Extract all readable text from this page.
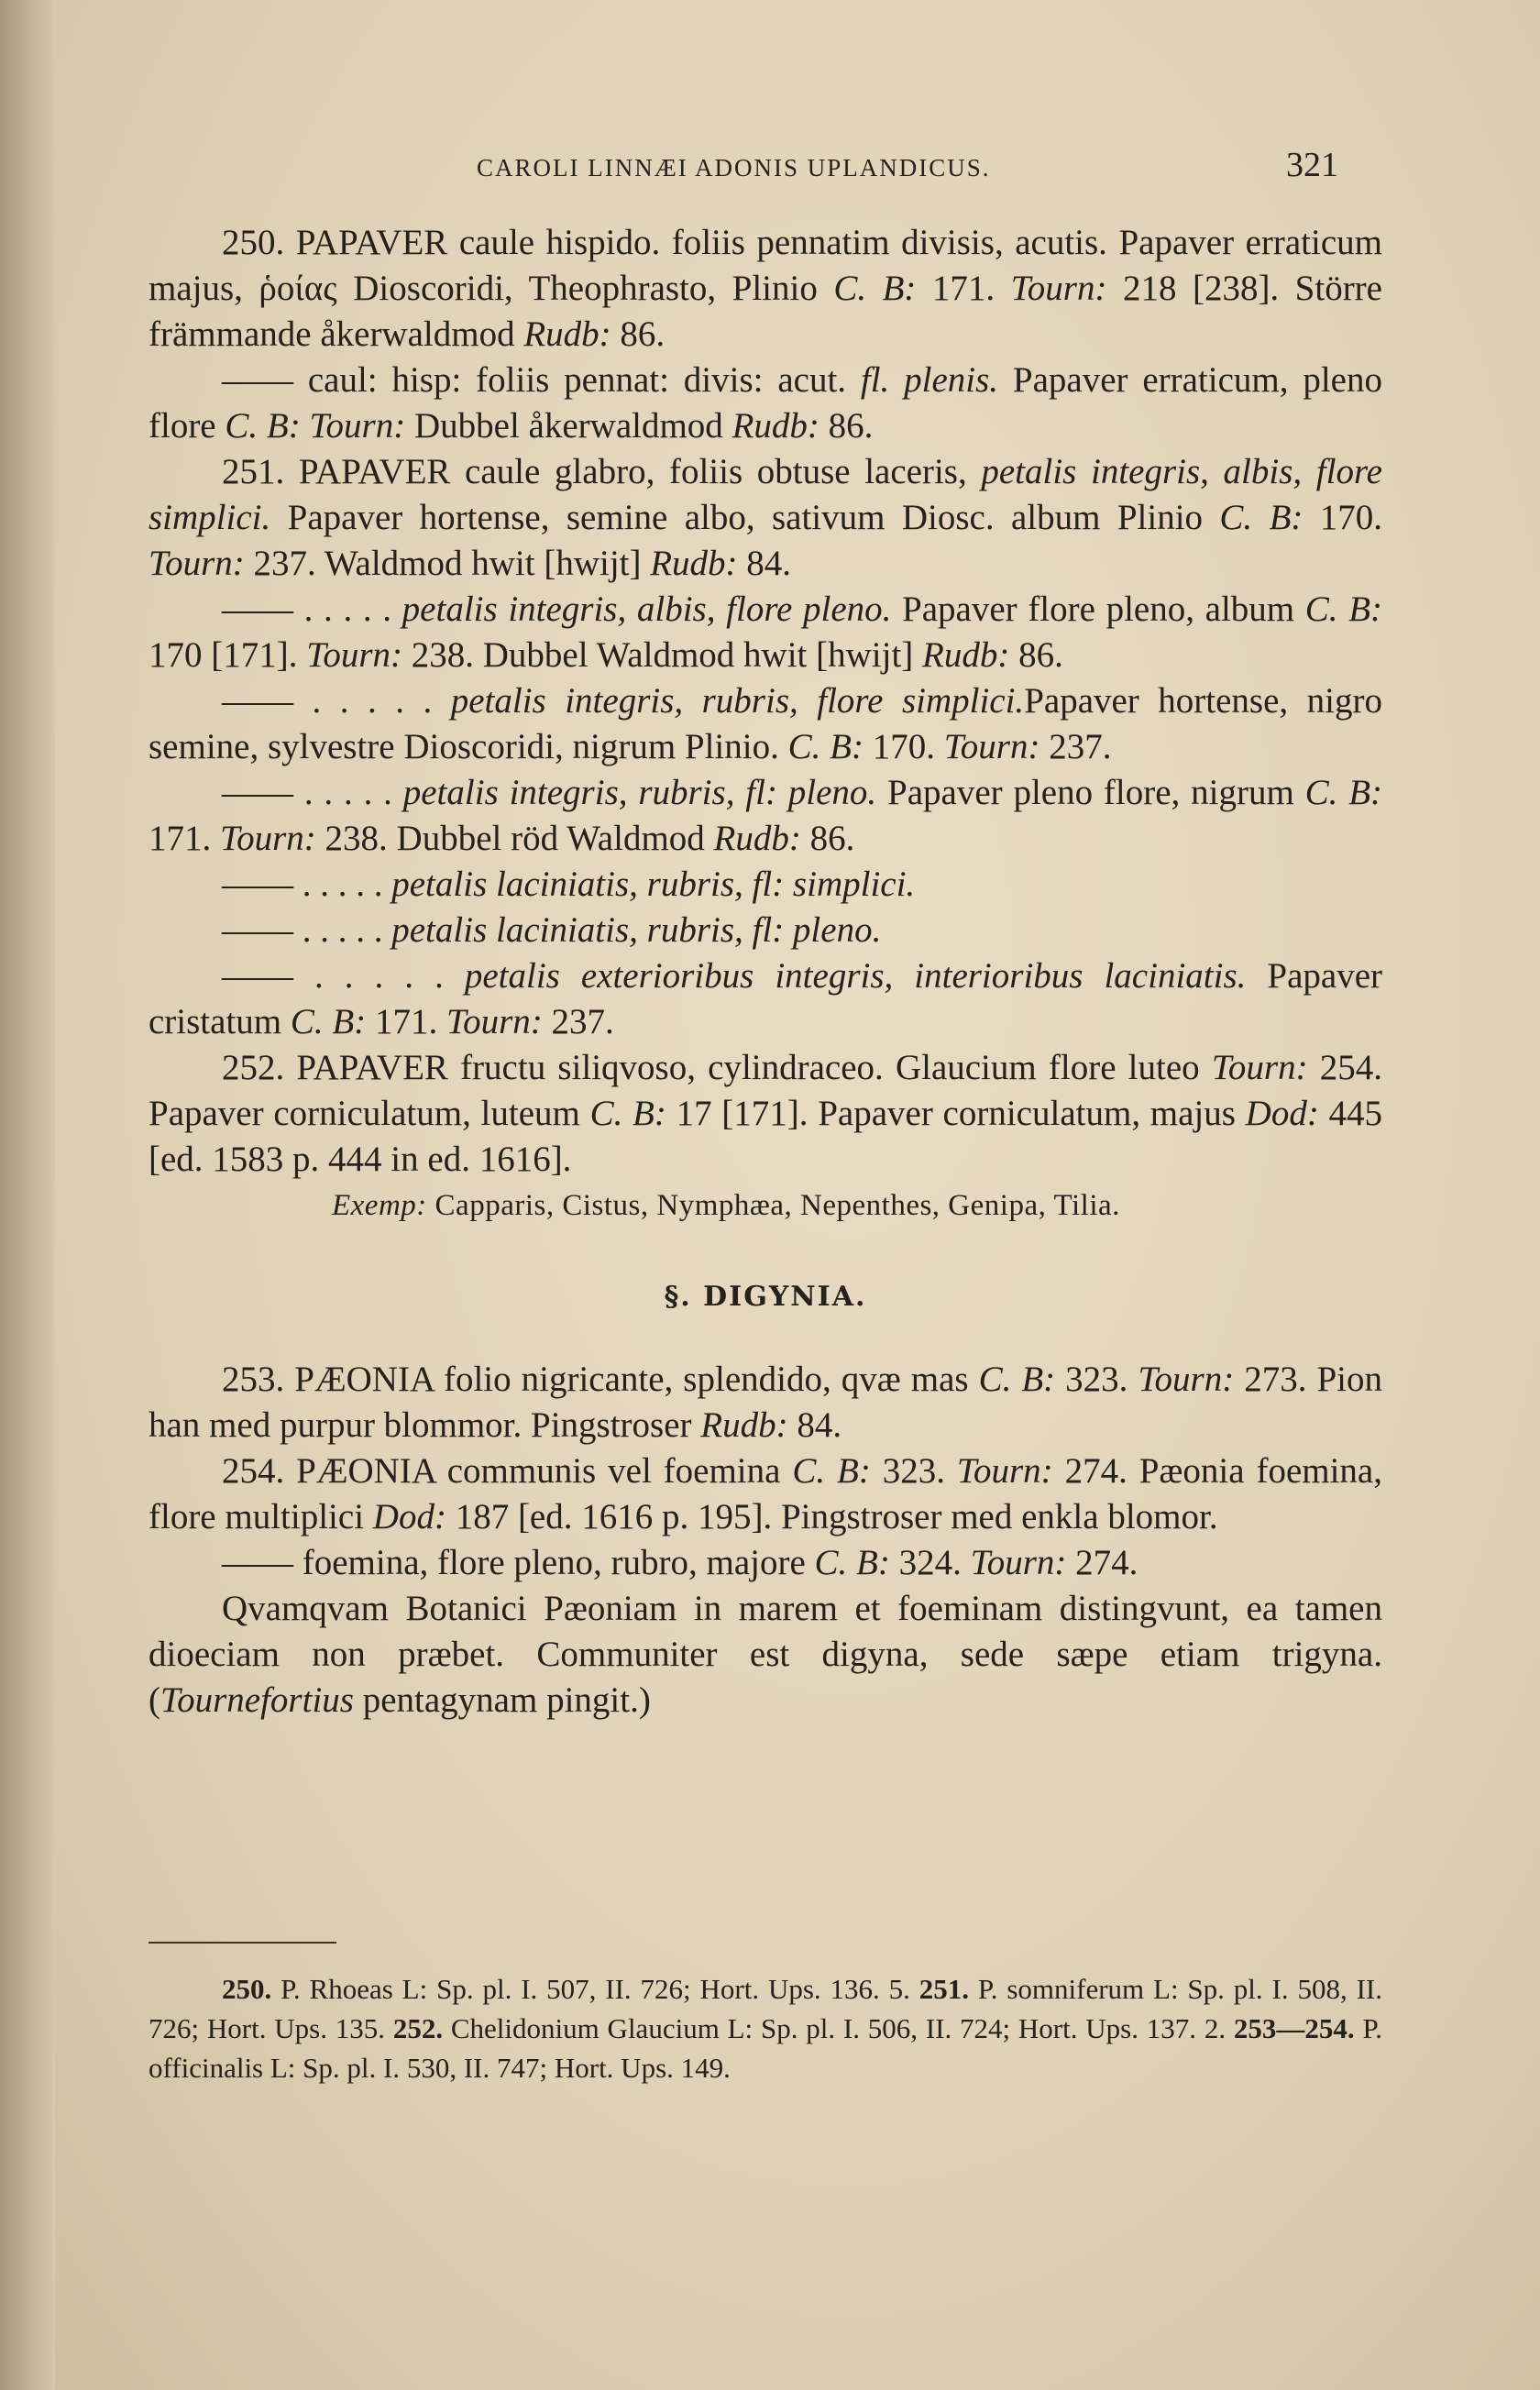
CAROLI LINNÆI ADONIS UPLANDICUS.	321

250. PAPAVER caule hispido. foliis pennatim divisis, acutis. Papaver erraticum majus, ῥοίας Dioscoridi, Theophrasto, Plinio C. B: 171. Tourn: 218 [238]. Större främmande åkerwaldmod Rudb: 86.

—— caul: hisp: foliis pennat: divis: acut. fl. plenis. Papaver erraticum, pleno flore C. B: Tourn: Dubbel åkerwaldmod Rudb: 86.

251. PAPAVER caule glabro, foliis obtuse laceris, petalis integris, albis, flore simplici. Papaver hortense, semine albo, sativum Diosc. album Plinio C. B: 170. Tourn: 237. Waldmod hwit [hwijt] Rudb: 84.

—— . . . . . petalis integris, albis, flore pleno. Papaver flore pleno, album C. B: 170 [171]. Tourn: 238. Dubbel Waldmod hwit [hwijt] Rudb: 86.

—— . . . . . petalis integris, rubris, flore simplici.Papaver hortense, nigro semine, sylvestre Dioscoridi, nigrum Plinio. C. B: 170. Tourn: 237.

—— . . . . . petalis integris, rubris, fl: pleno. Papaver pleno flore, nigrum C. B: 171. Tourn: 238. Dubbel röd Waldmod Rudb: 86.

—— . . . . . petalis laciniatis, rubris, fl: simplici.

—— . . . . . petalis laciniatis, rubris, fl: pleno.

—— . . . . . petalis exterioribus integris, interioribus laciniatis. Papaver cristatum C. B: 171. Tourn: 237.

252. PAPAVER fructu siliqvoso, cylindraceo. Glaucium flore luteo Tourn: 254. Papaver corniculatum, luteum C. B: 17 [171]. Papaver corniculatum, majus Dod: 445 [ed. 1583 p. 444 in ed. 1616].

Exemp: Capparis, Cistus, Nymphæa, Nepenthes, Genipa, Tilia.

§. DIGYNIA.

253. PÆONIA folio nigricante, splendido, qvæ mas C. B: 323. Tourn: 273. Pion han med purpur blommor. Pingstroser Rudb: 84.

254. PÆONIA communis vel foemina C. B: 323. Tourn: 274. Pæonia foemina, flore multiplici Dod: 187 [ed. 1616 p. 195]. Pingstroser med enkla blomor.

—— foemina, flore pleno, rubro, majore C. B: 324. Tourn: 274.

Qvamqvam Botanici Pæoniam in marem et foeminam distingvunt, ea tamen dioeciam non præbet. Communiter est digyna, sede sæpe etiam trigyna. (Tournefortius pentagynam pingit.)

250. P. Rhoeas L: Sp. pl. I. 507, II. 726; Hort. Ups. 136. 5. 251. P. somniferum L: Sp. pl. I. 508, II. 726; Hort. Ups. 135. 252. Chelidonium Glaucium L: Sp. pl. I. 506, II. 724; Hort. Ups. 137. 2. 253—254. P. officinalis L: Sp. pl. I. 530, II. 747; Hort. Ups. 149.
